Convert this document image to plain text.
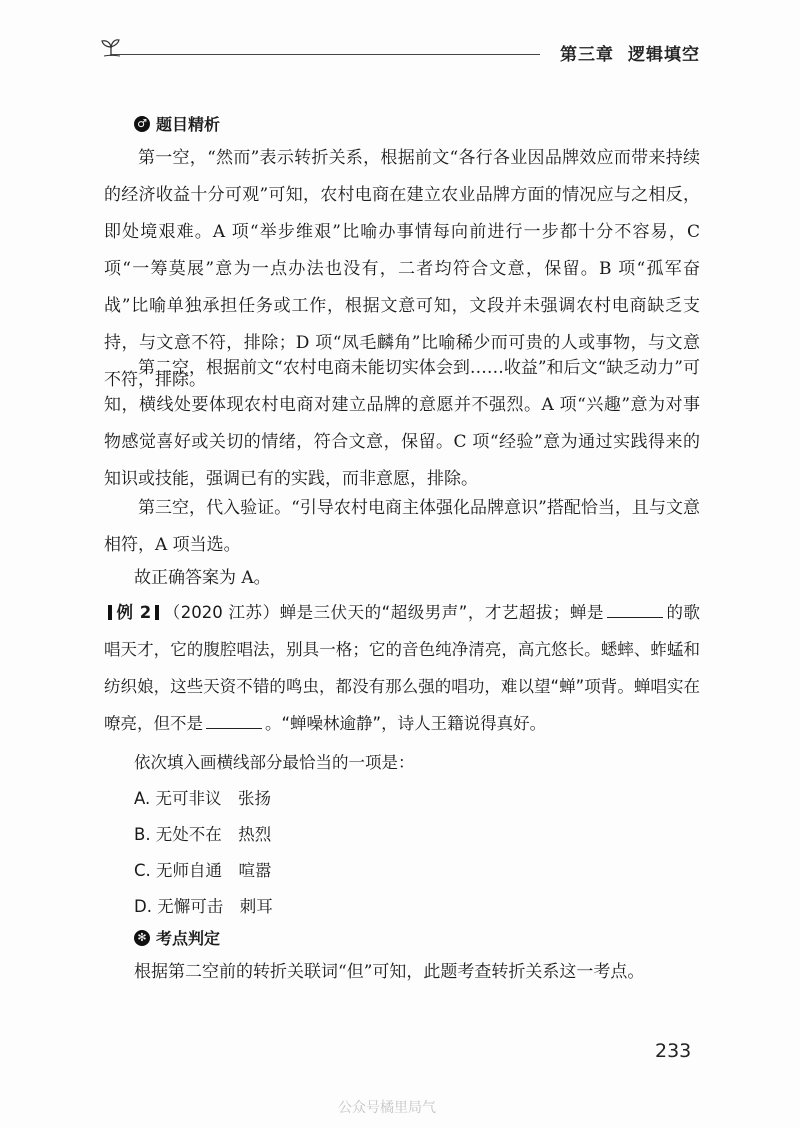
第三章 逻辑填空
♂ 题目精析

第一空，“然而”表示转折关系，根据前文“各行各业因品牌效应而带来持续的经济收益十分可观”可知，农村电商在建立农业品牌方面的情况应与之相反，即处境艰难。A 项“举步维艰”比喻办事情每向前进行一步都十分不容易，C 项“一筹莫展”意为一点办法也没有，二者均符合文意，保留。B 项“孤军奋战”比喻单独承担任务或工作，根据文意可知，文段并未强调农村电商缺乏支持，与文意不符，排除；D 项“凤毛麟角”比喻稀少而可贵的人或事物，与文意不符，排除。

第二空，根据前文“农村电商未能切实体会到……收益”和后文“缺乏动力”可知，横线处要体现农村电商对建立品牌的意愿并不强烈。A 项“兴趣”意为对事物感觉喜好或关切的情绪，符合文意，保留。C 项“经验”意为通过实践得来的知识或技能，强调已有的实践，而非意愿，排除。

第三空，代入验证。“引导农村电商主体强化品牌意识”搭配恰当，且与文意相符，A 项当选。

故正确答案为 A。

例 2 （2020 江苏）蝉是三伏天的“超级男声”，才艺超拔；蝉是	的歌唱天才，它的腹腔唱法，别具一格；它的音色纯净清亮，高亢悠长。蟋蟀、蚱蜢和纺织娘，这些天资不错的鸣虫，都没有那么强的唱功，难以望“蝉”项背。蝉唱实在嘹亮，但不是	。“蝉噪林逾静”，诗人王籍说得真好。

依次填入画横线部分最恰当的一项是：
A. 无可非议　张扬
B. 无处不在　热烈
C. 无师自通　喧嚣
D. 无懈可击　刺耳
✻ 考点判定
根据第二空前的转折关联词“但”可知，此题考查转折关系这一考点。
233
公众号橘里局气
